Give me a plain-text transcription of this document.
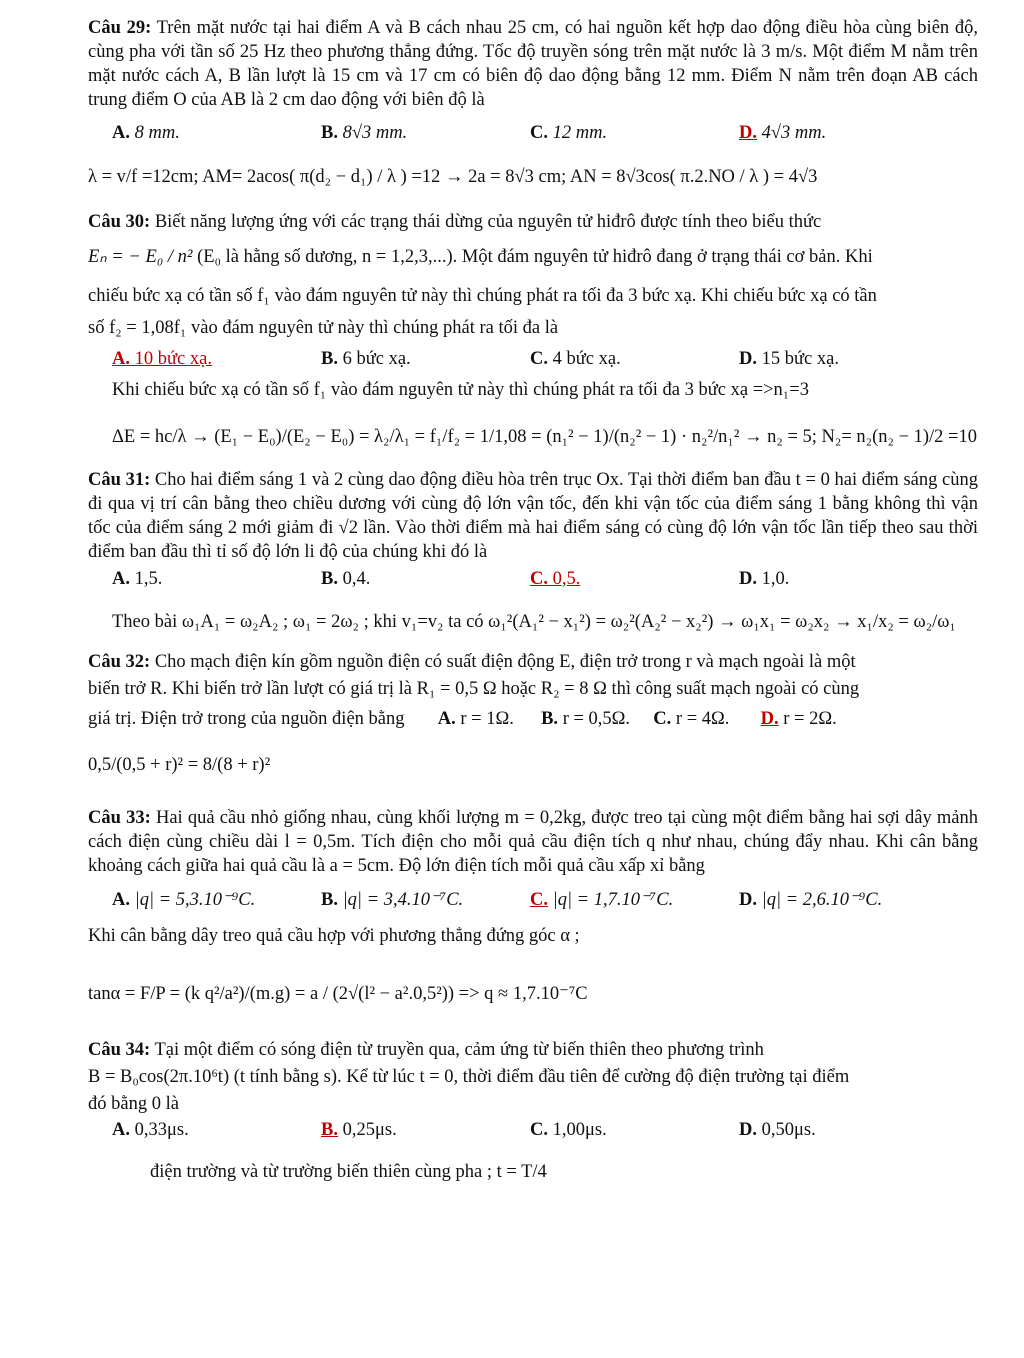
Câu 29: Trên mặt nước tại hai điểm A và B cách nhau 25 cm, có hai nguồn kết hợp dao động điều hòa cùng biên độ, cùng pha với tần số 25 Hz theo phương thẳng đứng. Tốc độ truyền sóng trên mặt nước là 3 m/s. Một điểm M nằm trên mặt nước cách A, B lần lượt là 15 cm và 17 cm có biên độ dao động bằng 12 mm. Điểm N nằm trên đoạn AB cách trung điểm O của AB là 2 cm dao động với biên độ là

A. 8 mm.	B. 8√3 mm.	C. 12 mm.	D. 4√3 mm.
λ = v/f =12cm; AM= 2acos( π(d₂ − d₁) / λ ) =12 → 2a = 8√3 cm; AN = 8√3cos( π.2.NO / λ ) = 4√3

Câu 30: Biết năng lượng ứng với các trạng thái dừng của nguyên tử hiđrô được tính theo biểu thức

Eₙ = − E₀ / n² (E₀ là hằng số dương, n = 1,2,3,...). Một đám nguyên tử hiđrô đang ở trạng thái cơ bản. Khi

chiếu bức xạ có tần số f₁ vào đám nguyên tử này thì chúng phát ra tối đa 3 bức xạ. Khi chiếu bức xạ có tần

số f₂ = 1,08f₁ vào đám nguyên tử này thì chúng phát ra tối đa là

A. 10 bức xạ.	B. 6 bức xạ.	C. 4 bức xạ.	D. 15 bức xạ.

Khi chiếu bức xạ có tần số f₁ vào đám nguyên tử này thì chúng phát ra tối đa 3 bức xạ =>n₁=3

ΔE = hc/λ → (E₁ − E₀)/(E₂ − E₀) = λ₂/λ₁ = f₁/f₂ = 1/1,08 = (n₁² − 1)/(n₂² − 1) · n₂²/n₁² → n₂ = 5; N₂= n₂(n₂ − 1)/2 =10

Câu 31: Cho hai điểm sáng 1 và 2 cùng dao động điều hòa trên trục Ox. Tại thời điểm ban đầu t = 0 hai điểm sáng cùng đi qua vị trí cân bằng theo chiều dương với cùng độ lớn vận tốc, đến khi vận tốc của điểm sáng 1 bằng không thì vận tốc của điểm sáng 2 mới giảm đi √2 lần. Vào thời điểm mà hai điểm sáng có cùng độ lớn vận tốc lần tiếp theo sau thời điểm ban đầu thì tỉ số độ lớn li độ của chúng khi đó là

A. 1,5.	B. 0,4.	C. 0,5.	D. 1,0.
Theo bài ω₁A₁ = ω₂A₂ ; ω₁ = 2ω₂ ; khi v₁=v₂ ta có ω₁²(A₁² − x₁²) = ω₂²(A₂² − x₂²) → ω₁x₁ = ω₂x₂ → x₁/x₂ = ω₂/ω₁

Câu 32: Cho mạch điện kín gồm nguồn điện có suất điện động E, điện trở trong r và mạch ngoài là một

biến trở R. Khi biến trở lần lượt có giá trị là R₁ = 0,5 Ω hoặc R₂ = 8 Ω thì công suất mạch ngoài có cùng

giá trị. Điện trở trong của nguồn điện bằng A. r = 1Ω. B. r = 0,5Ω. C. r = 4Ω. D. r = 2Ω.
0,5/(0,5 + r)² = 8/(8 + r)²

Câu 33: Hai quả cầu nhỏ giống nhau, cùng khối lượng m = 0,2kg, được treo tại cùng một điểm bằng hai sợi dây mảnh cách điện cùng chiều dài l = 0,5m. Tích điện cho mỗi quả cầu điện tích q như nhau, chúng đẩy nhau. Khi cân bằng khoảng cách giữa hai quả cầu là a = 5cm. Độ lớn điện tích mỗi quả cầu xấp xỉ bằng

A. |q| = 5,3.10⁻⁹C.	B. |q| = 3,4.10⁻⁷C.	C. |q| = 1,7.10⁻⁷C.	D. |q| = 2,6.10⁻⁹C.

Khi cân bằng dây treo quả cầu hợp với phương thẳng đứng góc α ;

tanα = F/P = (k q²/a²)/(m.g) = a / (2√(l² − a².0,5²)) => q ≈ 1,7.10⁻⁷C

Câu 34: Tại một điểm có sóng điện từ truyền qua, cảm ứng từ biến thiên theo phương trình

B = B₀cos(2π.10⁶t) (t tính bằng s). Kể từ lúc t = 0, thời điểm đầu tiên để cường độ điện trường tại điểm

đó bằng 0 là

A. 0,33μs.	B. 0,25μs.	C. 1,00μs.	D. 0,50μs.
điện trường và từ trường biến thiên cùng pha ; t = T/4
